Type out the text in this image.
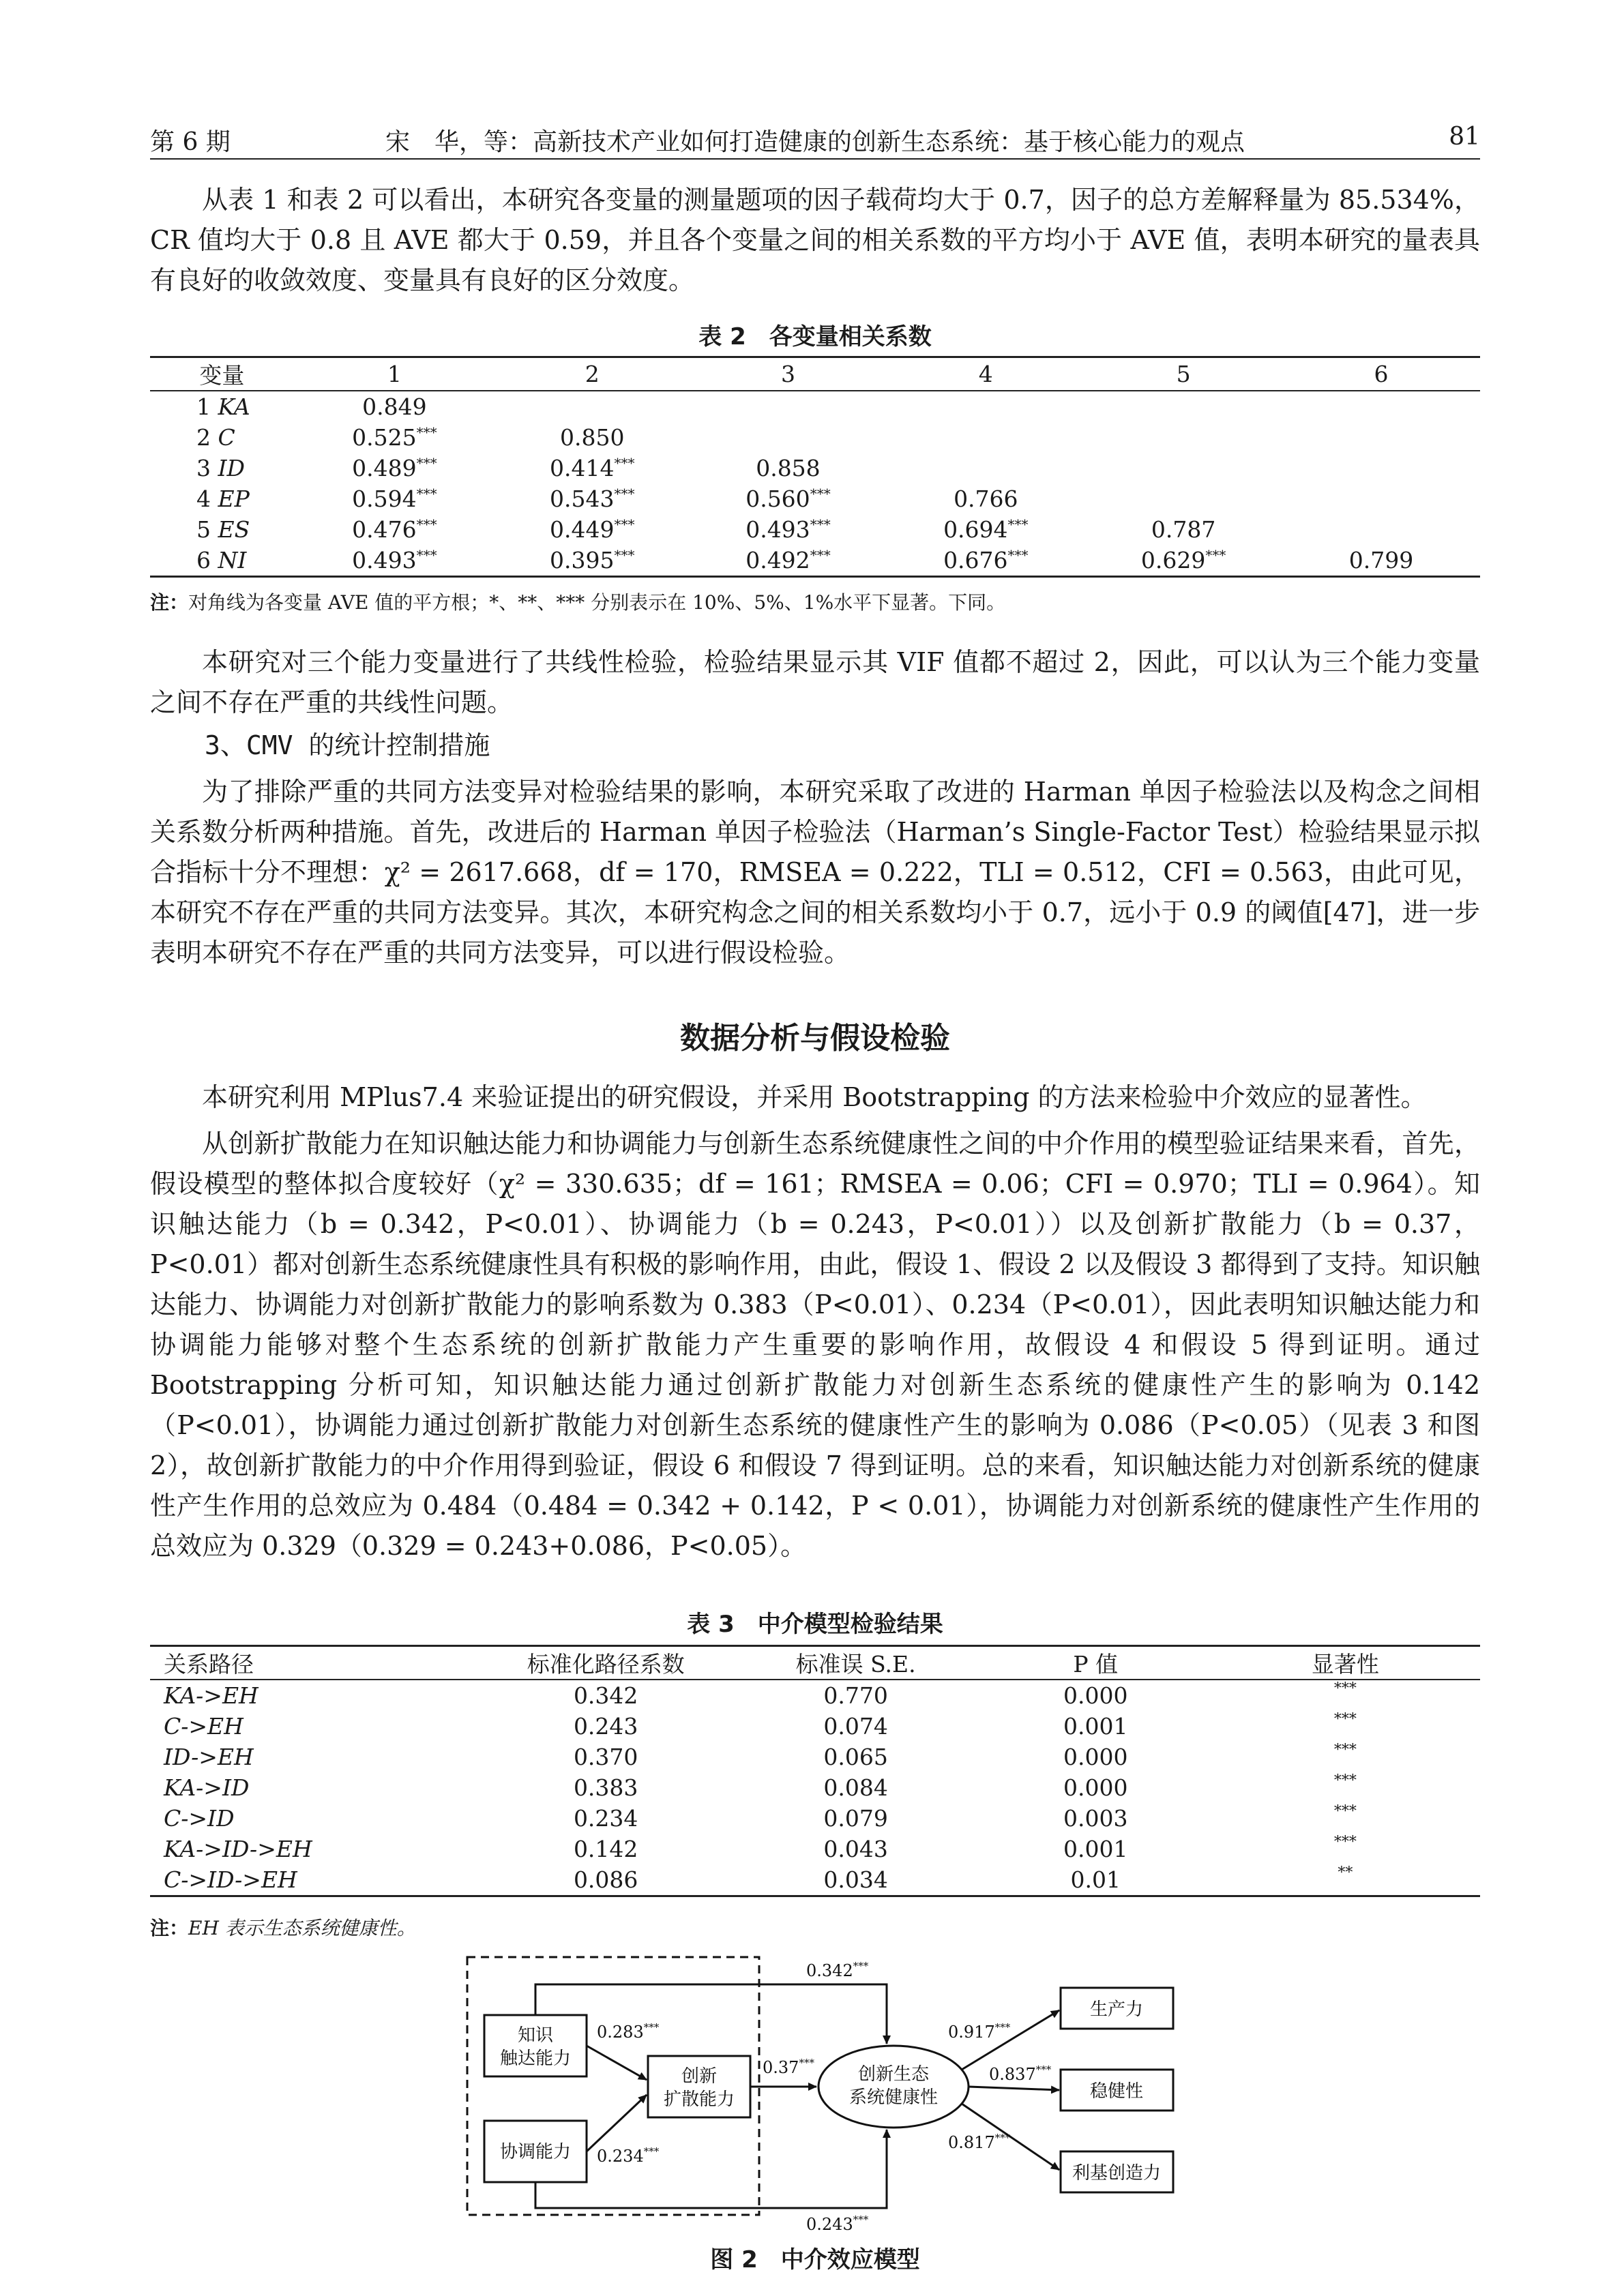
第 6 期	宋　华，等：高新技术产业如何打造健康的创新生态系统：基于核心能力的观点	81

从表 1 和表 2 可以看出，本研究各变量的测量题项的因子载荷均大于 0.7，因子的总方差解释量为 85.534%，CR 值均大于 0.8 且 AVE 都大于 0.59，并且各个变量之间的相关系数的平方均小于 AVE 值，表明本研究的量表具有良好的收敛效度、变量具有良好的区分效度。

表 2　各变量相关系数
变量	1	2	3	4	5	6
1 KA	0.849					
2 C	0.525***	0.850				
3 ID	0.489***	0.414***	0.858			
4 EP	0.594***	0.543***	0.560***	0.766		
5 ES	0.476***	0.449***	0.493***	0.694***	0.787	
6 NI	0.493***	0.395***	0.492***	0.676***	0.629***	0.799
注：对角线为各变量 AVE 值的平方根；*、**、*** 分别表示在 10%、5%、1%水平下显著。下同。

本研究对三个能力变量进行了共线性检验，检验结果显示其 VIF 值都不超过 2，因此，可以认为三个能力变量之间不存在严重的共线性问题。

3、CMV 的统计控制措施

为了排除严重的共同方法变异对检验结果的影响，本研究采取了改进的 Harman 单因子检验法以及构念之间相关系数分析两种措施。首先，改进后的 Harman 单因子检验法（Harman’s Single-Factor Test）检验结果显示拟合指标十分不理想：χ² = 2617.668，df = 170，RMSEA = 0.222，TLI = 0.512，CFI = 0.563，由此可见，本研究不存在严重的共同方法变异。其次，本研究构念之间的相关系数均小于 0.7，远小于 0.9 的阈值[47]，进一步表明本研究不存在严重的共同方法变异，可以进行假设检验。

数据分析与假设检验

本研究利用 MPlus7.4 来验证提出的研究假设，并采用 Bootstrapping 的方法来检验中介效应的显著性。

从创新扩散能力在知识触达能力和协调能力与创新生态系统健康性之间的中介作用的模型验证结果来看，首先，假设模型的整体拟合度较好（χ² = 330.635；df = 161；RMSEA = 0.06；CFI = 0.970；TLI = 0.964）。知识触达能力（b = 0.342，P<0.01）、协调能力（b = 0.243，P<0.01））以及创新扩散能力（b = 0.37，P<0.01）都对创新生态系统健康性具有积极的影响作用，由此，假设 1、假设 2 以及假设 3 都得到了支持。知识触达能力、协调能力对创新扩散能力的影响系数为 0.383（P<0.01）、0.234（P<0.01），因此表明知识触达能力和协调能力能够对整个生态系统的创新扩散能力产生重要的影响作用，故假设 4 和假设 5 得到证明。通过 Bootstrapping 分析可知，知识触达能力通过创新扩散能力对创新生态系统的健康性产生的影响为 0.142（P<0.01），协调能力通过创新扩散能力对创新生态系统的健康性产生的影响为 0.086（P<0.05）（见表 3 和图 2），故创新扩散能力的中介作用得到验证，假设 6 和假设 7 得到证明。总的来看，知识触达能力对创新系统的健康性产生作用的总效应为 0.484（0.484 = 0.342 + 0.142，P < 0.01），协调能力对创新系统的健康性产生作用的总效应为 0.329（0.329 = 0.243+0.086，P<0.05）。

表 3　中介模型检验结果
关系路径	标准化路径系数	标准误 S.E.	P 值	显著性
KA->EH	0.342	0.770	0.000	***
C->EH	0.243	0.074	0.001	***
ID->EH	0.370	0.065	0.000	***
KA->ID	0.383	0.084	0.000	***
C->ID	0.234	0.079	0.003	***
KA->ID->EH	0.142	0.043	0.001	***
C->ID->EH	0.086	0.034	0.01	**
注：EH 表示生态系统健康性。
知识
触达能力
协调能力
创新
扩散能力
创新生态
系统健康性
生产力
稳健性
利基创造力
0.342***
0.283***
0.37***
0.234***
0.243***
0.917***
0.837***
0.817***
图 2　中介效应模型
